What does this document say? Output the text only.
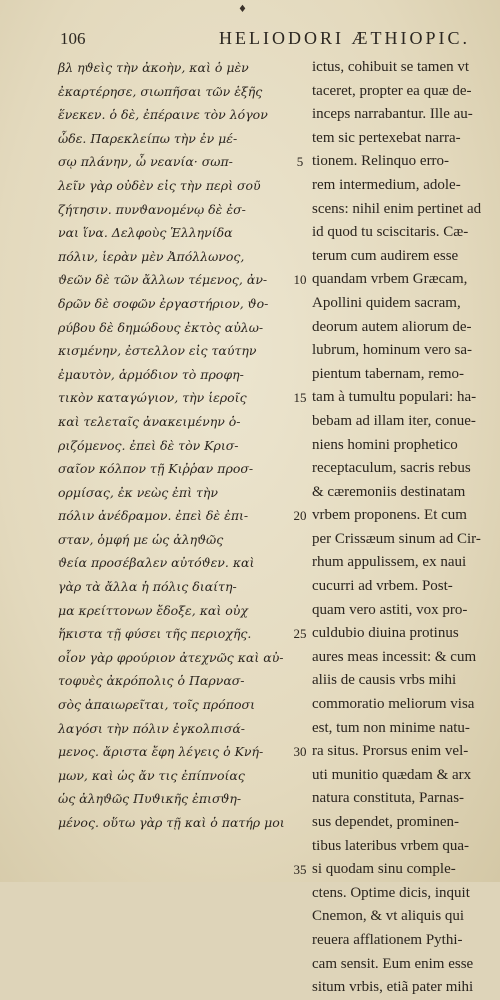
♦
106	HELIODORI ÆTHIOPIC.
βλ ηϑεὶς τὴν ἀκοὴν, καὶ ὁ μὲν
ἐκαρτέρησε, σιωπῆσαι τῶν ἑξῆς
ἕνεκεν. ὁ δὲ, ἐπέραινε τὸν λόγον
ὧδε. Παρεκλείπω τὴν ἐν μέ-
σῳ πλάνην, ὦ νεανία· σωπ-
λεῖν γὰρ οὐδὲν εἰς τὴν περὶ σοῦ
ζήτησιν. πυνϑανομένῳ δὲ ἐσ-
ναι ἵνα. Δελφοὺς Ἑλληνίδα
πόλιν, ἱερὰν μὲν Ἀπόλλωνος,
ϑεῶν δὲ τῶν ἄλλων τέμενος, ἀν-
δρῶν δὲ σοφῶν ἐργαστήριον, ϑο-
ρύβου δὲ δημώδους ἐκτὸς αὐλω-
κισμένην, ἐστελλον εἰς ταύτην
ἐμαυτὸν, ἁρμόδιον τὸ προφη-
τικὸν καταγώγιον, τὴν ἱεροῖς
καὶ τελεταῖς ἀνακειμένην ὁ-
ριζόμενος. ἐπεὶ δὲ τὸν Κρισ-
σαῖον κόλπον τῇ Κιῤῥαν προσ-
ορμίσας, ἐκ νεὼς ἐπὶ τὴν
πόλιν ἀνέδραμον. ἐπεὶ δὲ ἐπι-
σταν, ὁμφή με ὡς ἀληϑῶς
ϑεία προσέβαλεν αὐτόϑεν. καὶ
γὰρ τὰ ἄλλα ἡ πόλις διαίτη-
μα κρείττονων ἔδοξε, καὶ οὐχ
ἥκιστα τῇ φύσει τῆς περιοχῆς.
οἷον γὰρ φρούριον ἀτεχνῶς καὶ αὐ-
τοφυὲς ἀκρόπολις ὁ Παρνασ-
σὸς ἀπαιωρεῖται, τοῖς πρόποσι
λαγόσι τὴν πόλιν ἐγκολπισά-
μενος. ἄριστα ἔφη λέγεις ὁ Κνή-
μων, καὶ ὡς ἄν τις ἐπίπνοίας
ὡς ἀληϑῶς Πυϑικῆς ἐπισϑη-
μένος. οὕτω γὰρ τῇ καὶ ὁ πατήρ μοι
5
10
15
20
25
30
35
ictus, cohibuit se tamen vt
taceret, propter ea quæ de-
inceps narrabantur. Ille au-
tem sic pertexebat narra-
tionem. Relinquo erro-
rem intermedium, adole-
scens: nihil enim pertinet ad
id quod tu sciscitaris. Cæ-
terum cum audirem esse
quandam vrbem Græcam,
Apollini quidem sacram,
deorum autem aliorum de-
lubrum, hominum vero sa-
pientum tabernam, remo-
tam à tumultu populari: ha-
bebam ad illam iter, conue-
niens homini prophetico
receptaculum, sacris rebus
& cæremoniis destinatam
vrbem proponens. Et cum
per Crissæum sinum ad Cir-
rhum appulissem, ex naui
cucurri ad vrbem. Post-
quam vero astiti, vox pro-
culdubio diuina protinus
aures meas incessit: & cum
aliis de causis vrbs mihi
commoratio meliorum visa
est, tum non minime natu-
ra situs. Prorsus enim vel-
uti munitio quædam & arx
natura constituta, Parnas-
sus dependet, prominen-
tibus lateribus vrbem qua-
si quodam sinu comple-
ctens. Optime dicis, inquit
Cnemon, & vt aliquis qui
reuera afflationem Pythi-
cam sensit. Eum enim esse
situm vrbis, etiã pater mihi
